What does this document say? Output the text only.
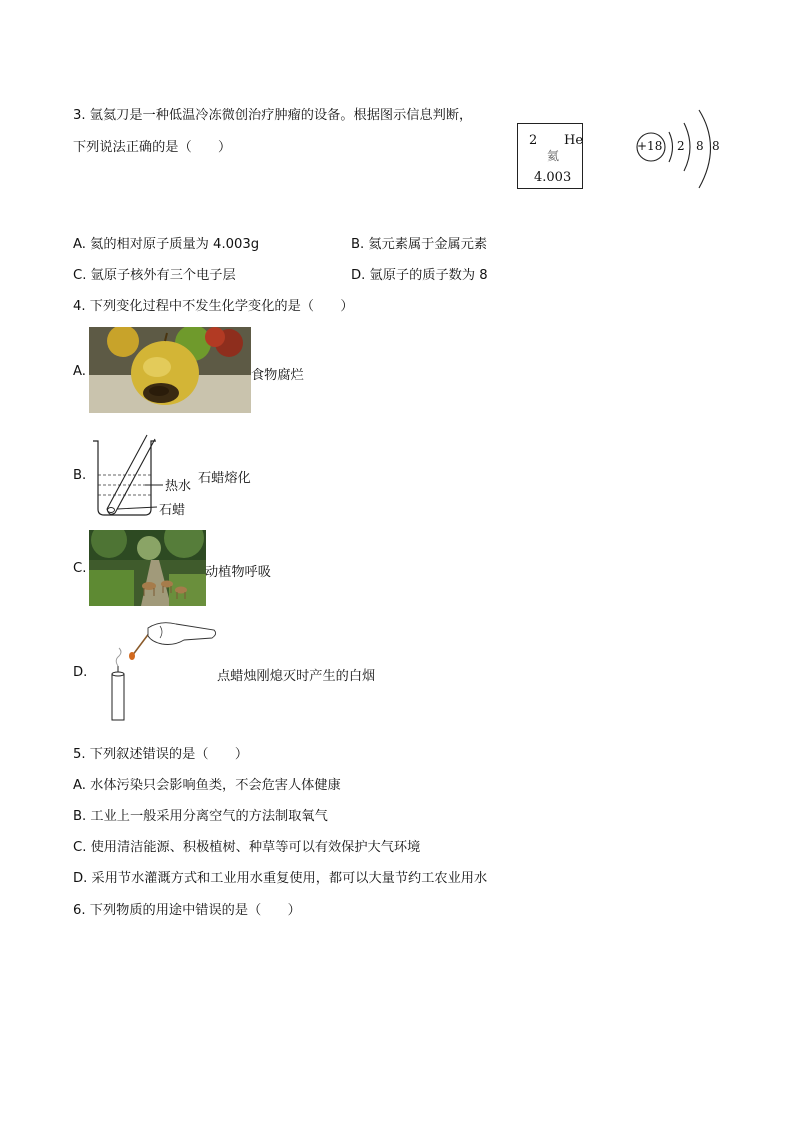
3. 氩氦刀是一种低温冷冻微创治疗肿瘤的设备。根据图示信息判断，
下列说法正确的是（　　）	2 He
氦
4.003
+18 2 8 8
A. 氦的相对原子质量为 4.003g	B. 氦元素属于金属元素
C. 氩原子核外有三个电子层	D. 氩原子的质子数为 8
4. 下列变化过程中不发生化学变化的是（　　）
A.	食物腐烂
B.
热水
石蜡
石蜡熔化
C.	动植物呼吸
D.	点蜡烛刚熄灭时产生的白烟
5. 下列叙述错误的是（　　）
A. 水体污染只会影响鱼类，不会危害人体健康
B. 工业上一般采用分离空气的方法制取氧气
C. 使用清洁能源、积极植树、种草等可以有效保护大气环境
D. 采用节水灌溉方式和工业用水重复使用，都可以大量节约工农业用水
6. 下列物质的用途中错误的是（　　）
